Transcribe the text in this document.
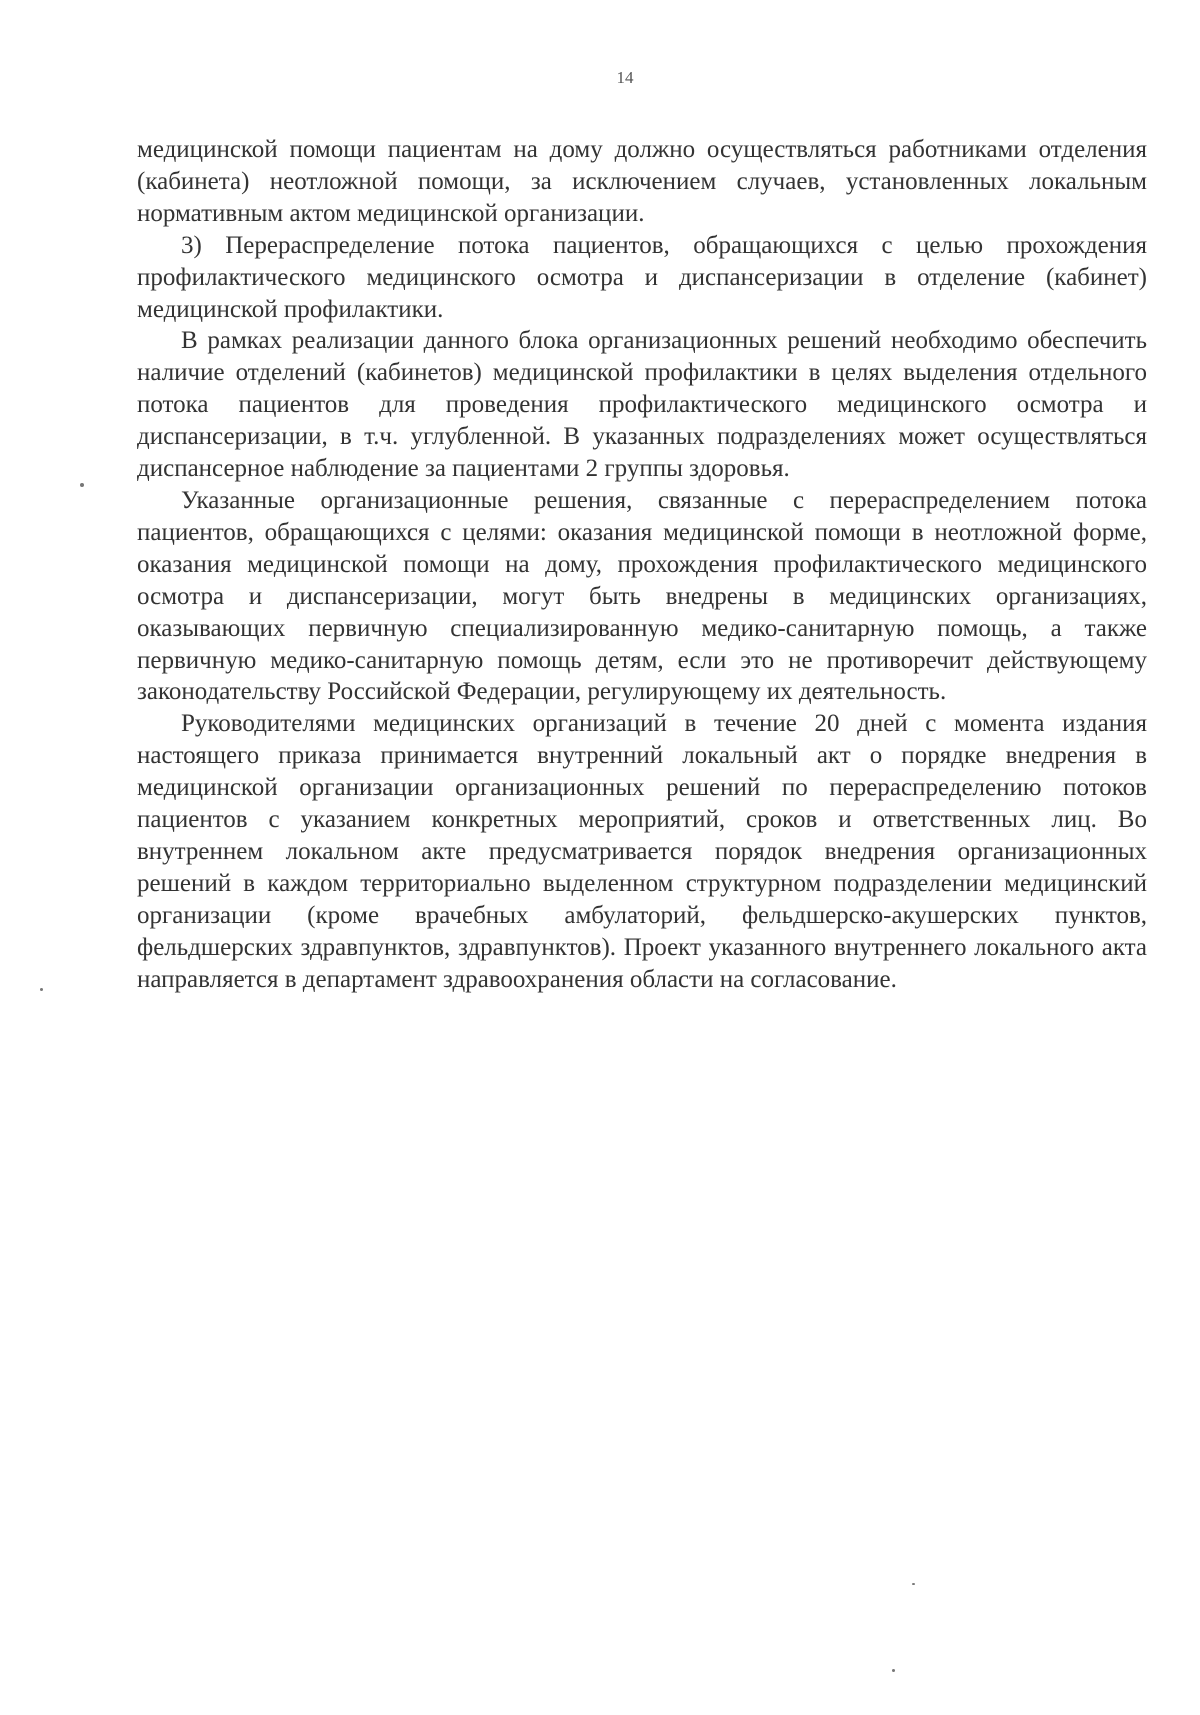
14

медицинской помощи пациентам на дому должно осуществляться работниками отделения (кабинета) неотложной помощи, за исключением случаев, установленных локальным нормативным актом медицинской организации.

3) Перераспределение потока пациентов, обращающихся с целью прохождения профилактического медицинского осмотра и диспансеризации в отделение (кабинет) медицинской профилактики.

В рамках реализации данного блока организационных решений необходимо обеспечить наличие отделений (кабинетов) медицинской профилактики в целях выделения отдельного потока пациентов для проведения профилактического медицинского осмотра и диспансеризации, в т.ч. углубленной. В указанных подразделениях может осуществляться диспансерное наблюдение за пациентами 2 группы здоровья.

Указанные организационные решения, связанные с перераспределением потока пациентов, обращающихся с целями: оказания медицинской помощи в неотложной форме, оказания медицинской помощи на дому, прохождения профилактического медицинского осмотра и диспансеризации, могут быть внедрены в медицинских организациях, оказывающих первичную специализированную медико-санитарную помощь, а также первичную медико-санитарную помощь детям, если это не противоречит действующему законодательству Российской Федерации, регулирующему их деятельность.

Руководителями медицинских организаций в течение 20 дней с момента издания настоящего приказа принимается внутренний локальный акт о порядке внедрения в медицинской организации организационных решений по перераспределению потоков пациентов с указанием конкретных мероприятий, сроков и ответственных лиц. Во внутреннем локальном акте предусматривается порядок внедрения организационных решений в каждом территориально выделенном структурном подразделении медицинский организации (кроме врачебных амбулаторий, фельдшерско-акушерских пунктов, фельдшерских здравпунктов, здравпунктов). Проект указанного внутреннего локального акта направляется в департамент здравоохранения области на согласование.
